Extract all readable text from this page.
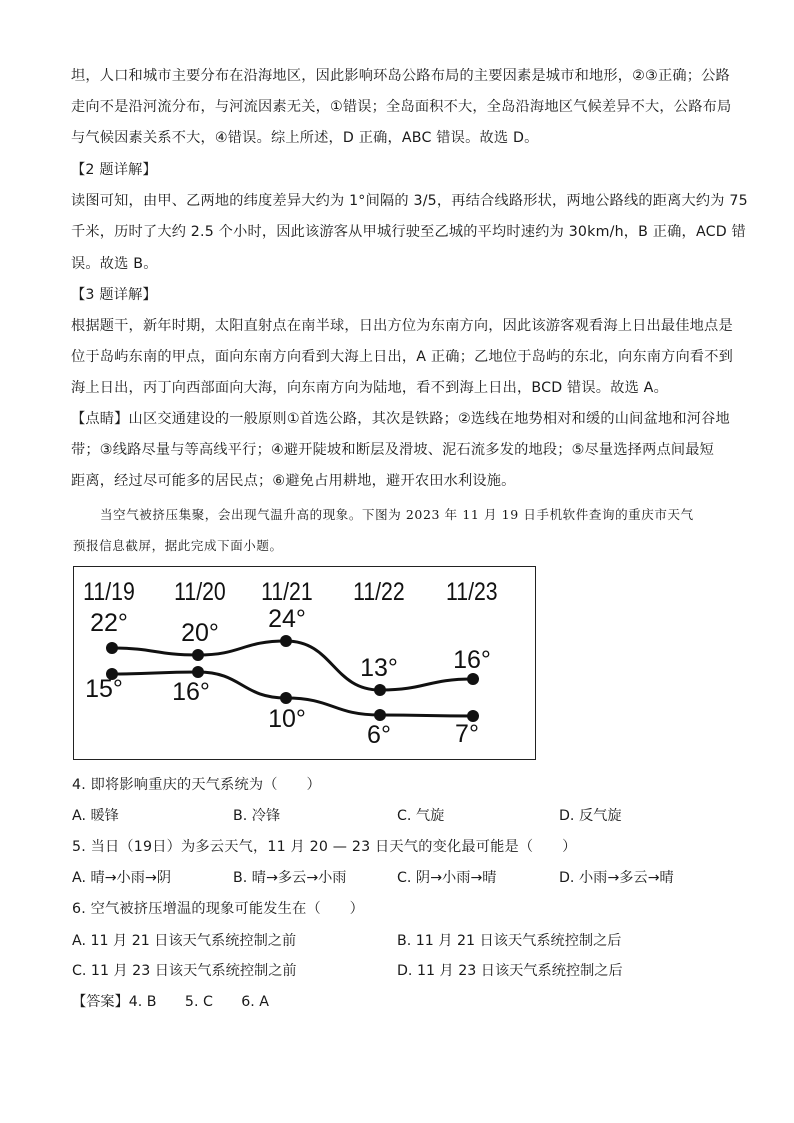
坦，人口和城市主要分布在沿海地区，因此影响环岛公路布局的主要因素是城市和地形，②③正确；公路
走向不是沿河流分布，与河流因素无关，①错误；全岛面积不大，全岛沿海地区气候差异不大，公路布局
与气候因素关系不大，④错误。综上所述，D 正确，ABC 错误。故选 D。
【2 题详解】
读图可知，由甲、乙两地的纬度差异大约为 1°间隔的 3/5，再结合线路形状，两地公路线的距离大约为 75
千米，历时了大约 2.5 个小时，因此该游客从甲城行驶至乙城的平均时速约为 30km/h，B 正确，ACD 错
误。故选 B。
【3 题详解】
根据题干，新年时期，太阳直射点在南半球，日出方位为东南方向，因此该游客观看海上日出最佳地点是
位于岛屿东南的甲点，面向东南方向看到大海上日出，A 正确；乙地位于岛屿的东北，向东南方向看不到
海上日出，丙丁向西部面向大海，向东南方向为陆地，看不到海上日出，BCD 错误。故选 A。
【点睛】山区交通建设的一般原则①首选公路，其次是铁路；②选线在地势相对和缓的山间盆地和河谷地
带；③线路尽量与等高线平行；④避开陡坡和断层及滑坡、泥石流多发的地段；⑤尽量选择两点间最短
距离，经过尽可能多的居民点；⑥避免占用耕地，避开农田水利设施。
当空气被挤压集聚，会出现气温升高的现象。下图为 2023 年 11 月 19 日手机软件查询的重庆市天气
预报信息截屏，据此完成下面小题。
11/19 11/20 11/21 11/22 11/23
22° 20° 24°
13° 16°
15° 16°
10°
6°	7°
4. 即将影响重庆的天气系统为（　　）
A. 暖锋	B. 冷锋	C. 气旋	D. 反气旋
5. 当日（19日）为多云天气，11 月 20 — 23 日天气的变化最可能是（　　）
A. 晴→小雨→阴	B. 晴→多云→小雨	C. 阴→小雨→晴	D. 小雨→多云→晴
6. 空气被挤压增温的现象可能发生在（　　）
A. 11 月 21 日该天气系统控制之前	B. 11 月 21 日该天气系统控制之后
C. 11 月 23 日该天气系统控制之前	D. 11 月 23 日该天气系统控制之后
【答案】4. B　　5. C　　6. A
